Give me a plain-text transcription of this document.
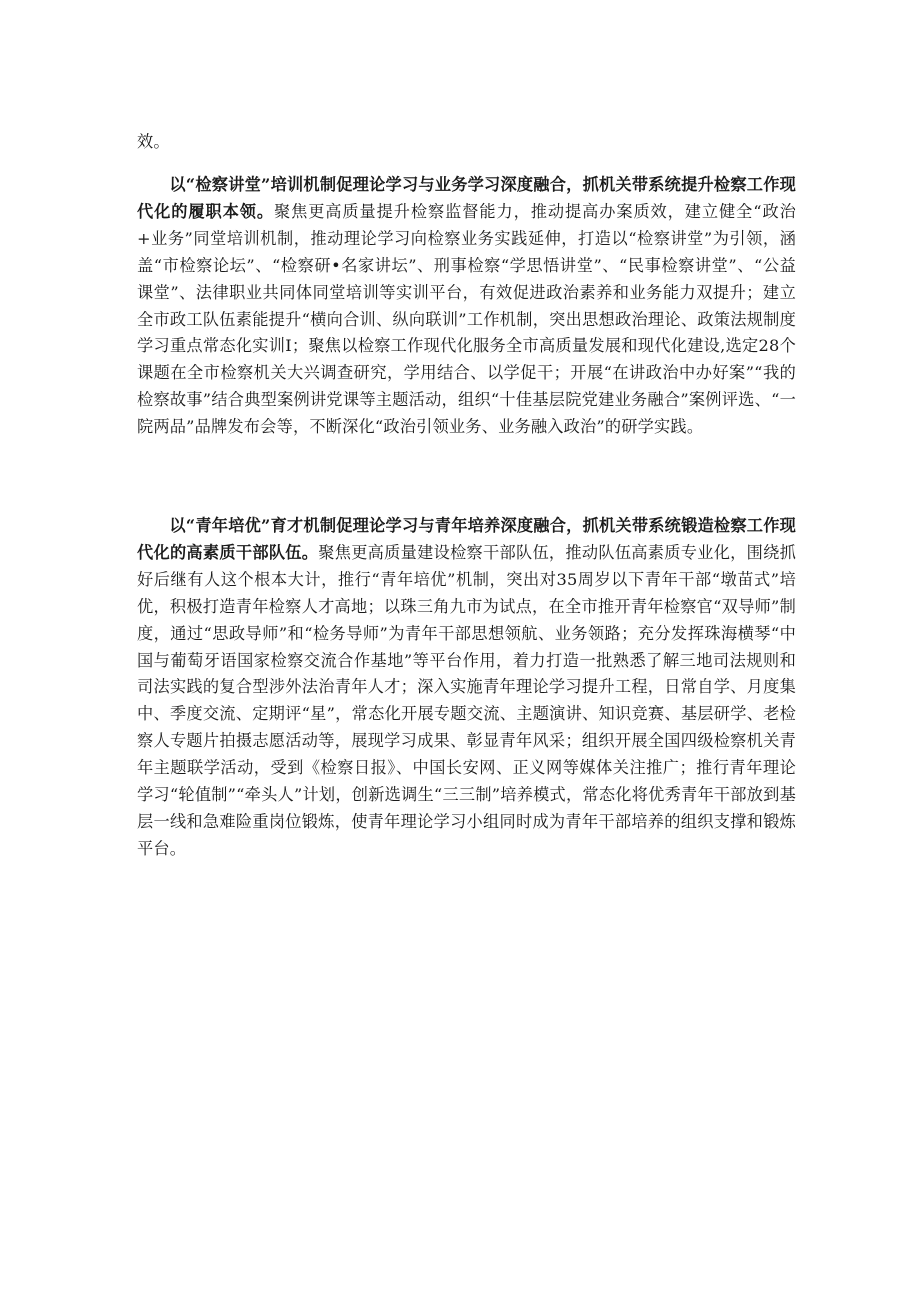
效。

以“检察讲堂”培训机制促理论学习与业务学习深度融合，抓机关带系统提升检察工作现代化的履职本领。聚焦更高质量提升检察监督能力，推动提高办案质效，建立健全“政治+业务”同堂培训机制，推动理论学习向检察业务实践延伸，打造以“检察讲堂”为引领，涵盖“市检察论坛”、“检察研•名家讲坛”、刑事检察“学思悟讲堂”、“民事检察讲堂”、“公益课堂”、法律职业共同体同堂培训等实训平台，有效促进政治素养和业务能力双提升；建立全市政工队伍素能提升“横向合训、纵向联训”工作机制，突出思想政治理论、政策法规制度学习重点常态化实训I；聚焦以检察工作现代化服务全市高质量发展和现代化建设,选定28个课题在全市检察机关大兴调查研究，学用结合、以学促干；开展“在讲政治中办好案”“我的检察故事”结合典型案例讲党课等主题活动，组织“十佳基层院党建业务融合”案例评选、“一院两品”品牌发布会等，不断深化“政治引领业务、业务融入政治”的研学实践。

以“青年培优”育才机制促理论学习与青年培养深度融合，抓机关带系统锻造检察工作现代化的高素质干部队伍。聚焦更高质量建设检察干部队伍，推动队伍高素质专业化，围绕抓好后继有人这个根本大计，推行“青年培优”机制，突出对35周岁以下青年干部“墩苗式”培优，积极打造青年检察人才高地；以珠三角九市为试点，在全市推开青年检察官“双导师”制度，通过“思政导师”和“检务导师”为青年干部思想领航、业务领路；充分发挥珠海横琴“中国与葡萄牙语国家检察交流合作基地”等平台作用，着力打造一批熟悉了解三地司法规则和司法实践的复合型涉外法治青年人才；深入实施青年理论学习提升工程，日常自学、月度集中、季度交流、定期评“星”，常态化开展专题交流、主题演讲、知识竞赛、基层研学、老检察人专题片拍摄志愿活动等，展现学习成果、彰显青年风采；组织开展全国四级检察机关青年主题联学活动，受到《检察日报》、中国长安网、正义网等媒体关注推广；推行青年理论学习“轮值制”“牵头人”计划，创新选调生“三三制”培养模式，常态化将优秀青年干部放到基层一线和急难险重岗位锻炼，使青年理论学习小组同时成为青年干部培养的组织支撑和锻炼平台。
